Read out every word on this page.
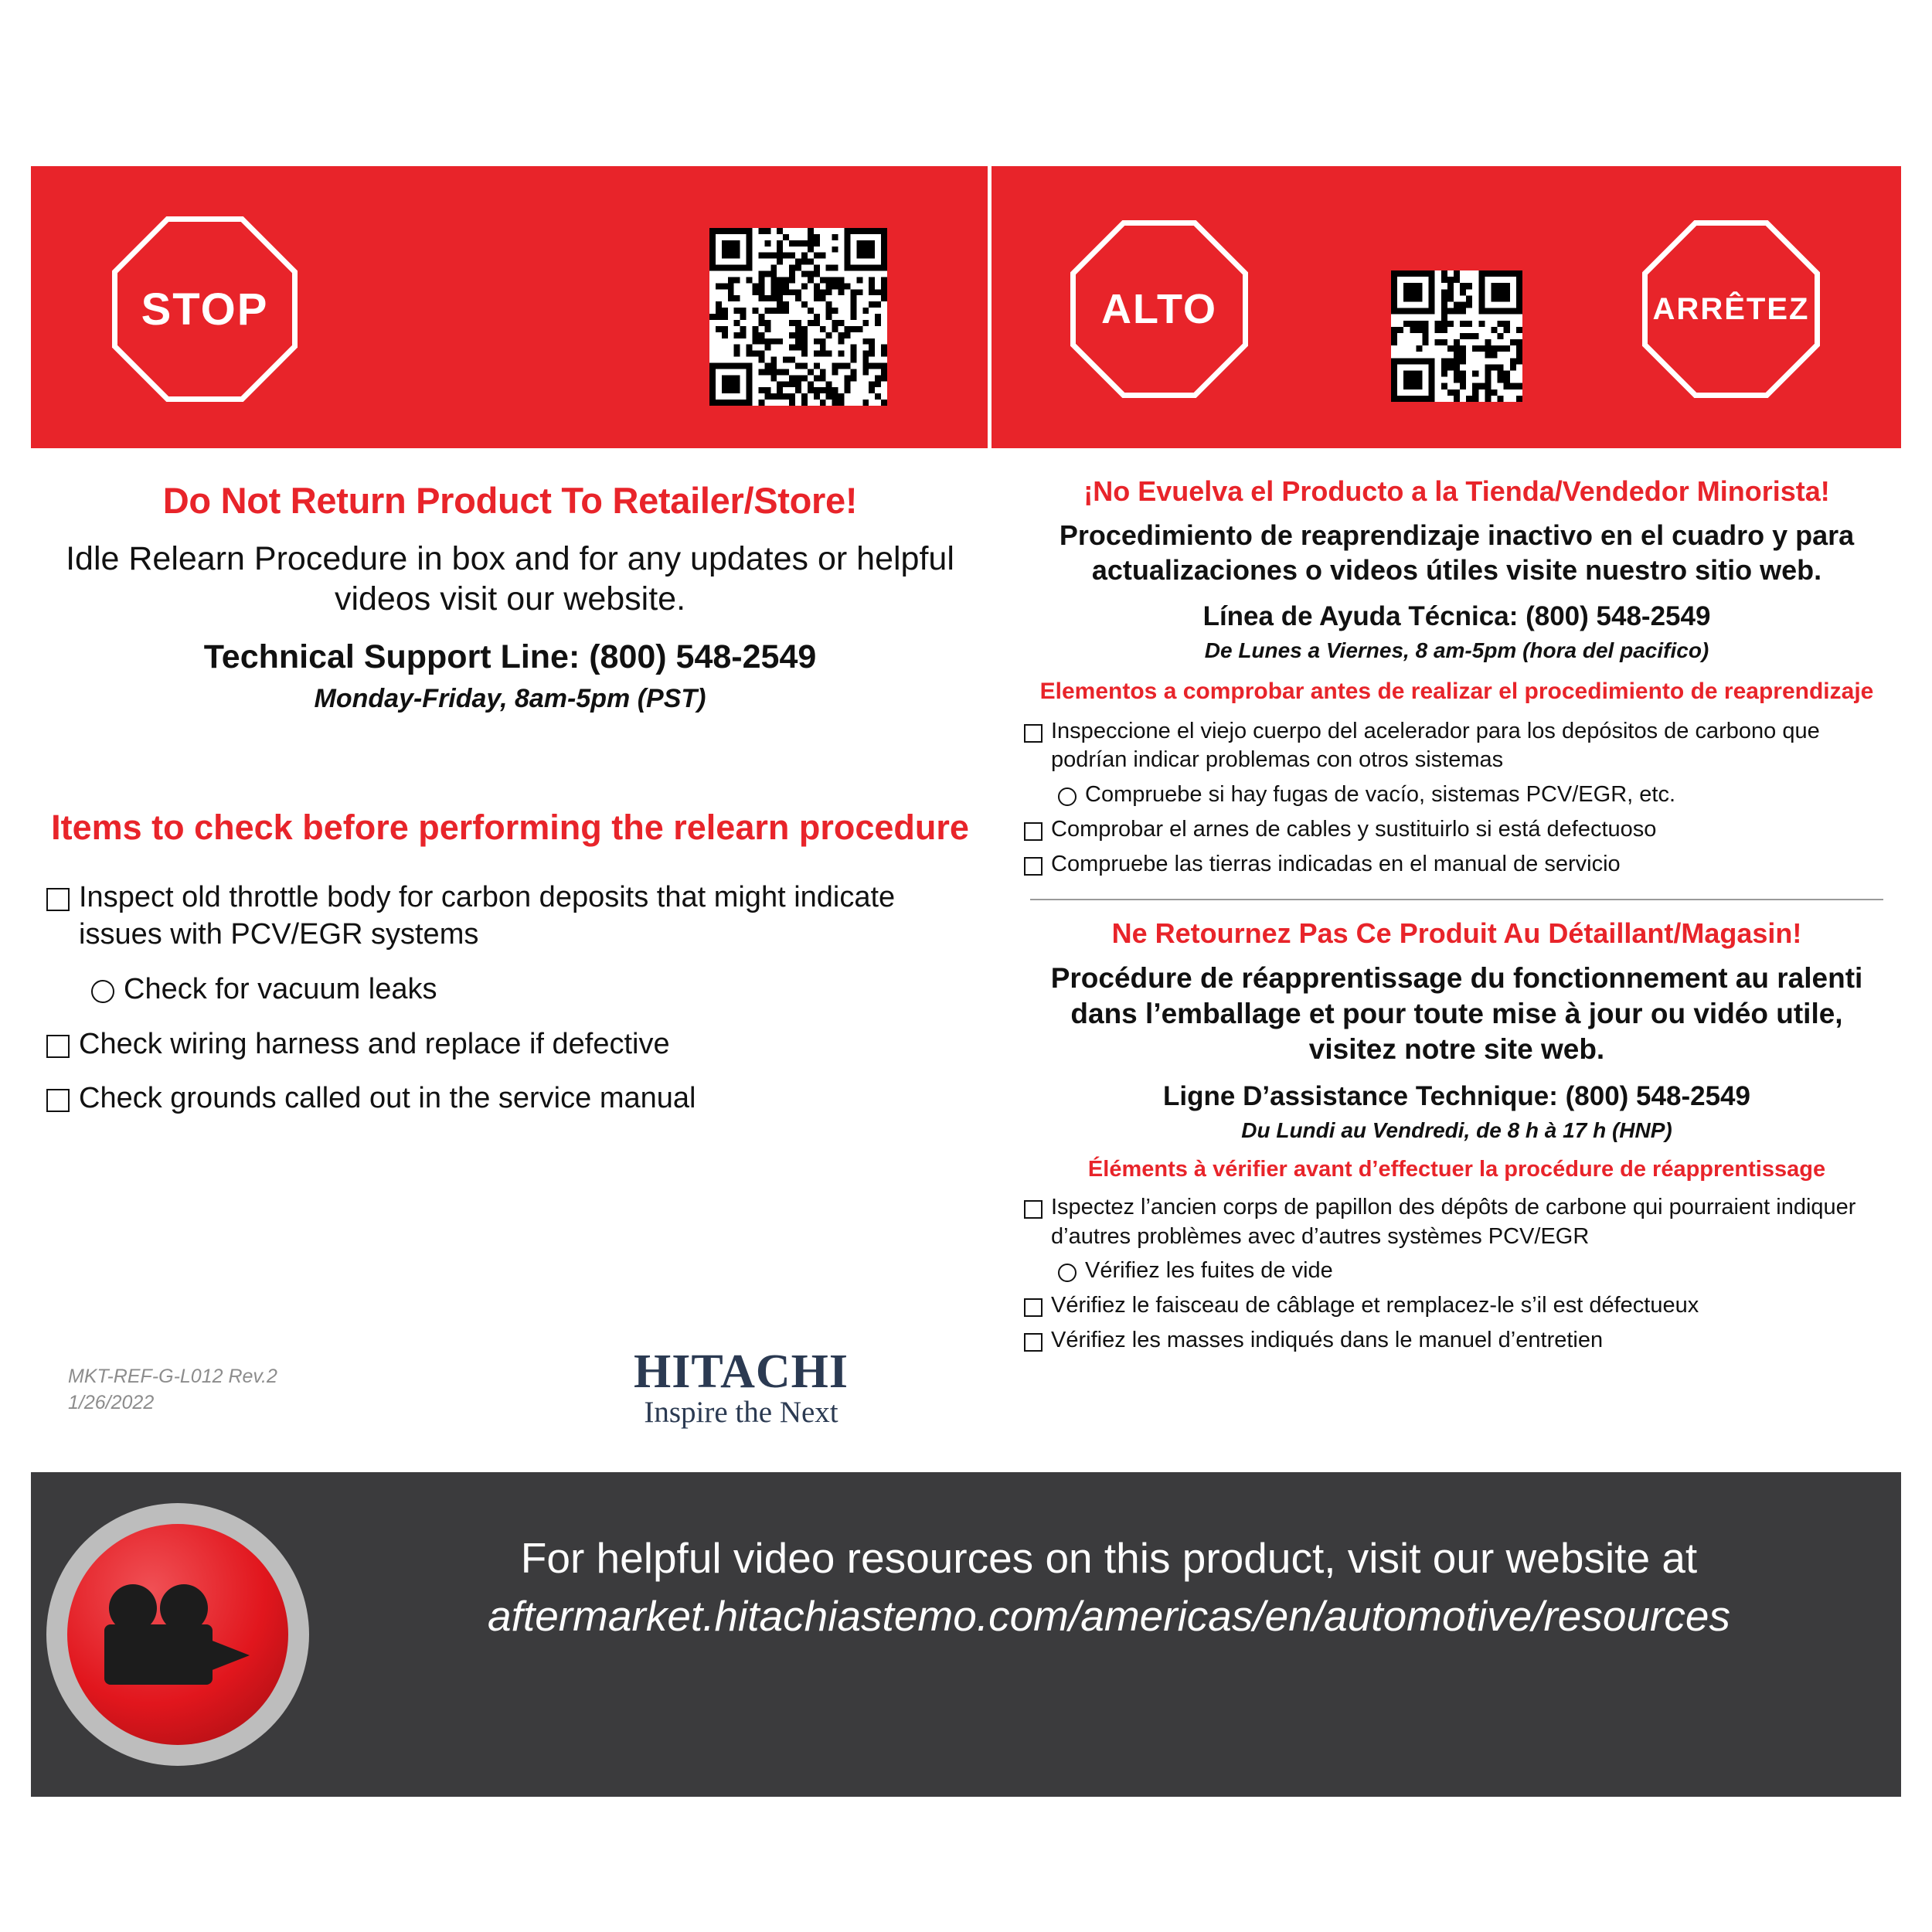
STOP	ALTO	ARRÊTEZ
Do Not Return Product To Retailer/Store!
Idle Relearn Procedure in box and for any updates or helpful videos visit our website.
Technical Support Line: (800) 548-2549
Monday-Friday, 8am-5pm (PST)
Items to check before performing the relearn procedure
Inspect old throttle body for carbon deposits that might indicate issues with PCV/EGR systems
Check for vacuum leaks
Check wiring harness and replace if defective
Check grounds called out in the service manual
MKT-REF-G-L012 Rev.2
1/26/2022
HITACHI
Inspire the Next
¡No Evuelva el Producto a la Tienda/Vendedor Minorista!
Procedimiento de reaprendizaje inactivo en el cuadro y para actualizaciones o videos útiles visite nuestro sitio web.
Línea de Ayuda Técnica: (800) 548-2549
De Lunes a Viernes, 8 am-5pm (hora del pacifico)
Elementos a comprobar antes de realizar el procedimiento de reaprendizaje
Inspeccione el viejo cuerpo del acelerador para los depósitos de carbono que podrían indicar problemas con otros sistemas
Compruebe si hay fugas de vacío, sistemas PCV/EGR, etc.
Comprobar el arnes de cables y sustituirlo si está defectuoso
Compruebe las tierras indicadas en el manual de servicio
Ne Retournez Pas Ce Produit Au Détaillant/Magasin!
Procédure de réapprentissage du fonctionnement au ralenti dans l’emballage et pour toute mise à jour ou vidéo utile, visitez notre site web.
Ligne D’assistance Technique: (800) 548-2549
Du Lundi au Vendredi, de 8 h à 17 h (HNP)
Éléments à vérifier avant d’effectuer la procédure de réapprentissage
Ispectez l’ancien corps de papillon des dépôts de carbone qui pourraient indiquer d’autres problèmes avec d’autres systèmes PCV/EGR
Vérifiez les fuites de vide
Vérifiez le faisceau de câblage et remplacez-le s’il est défectueux
Vérifiez les masses indiqués dans le manuel d’entretien
For helpful video resources on this product, visit our website at
aftermarket.hitachiastemo.com/americas/en/automotive/resources
